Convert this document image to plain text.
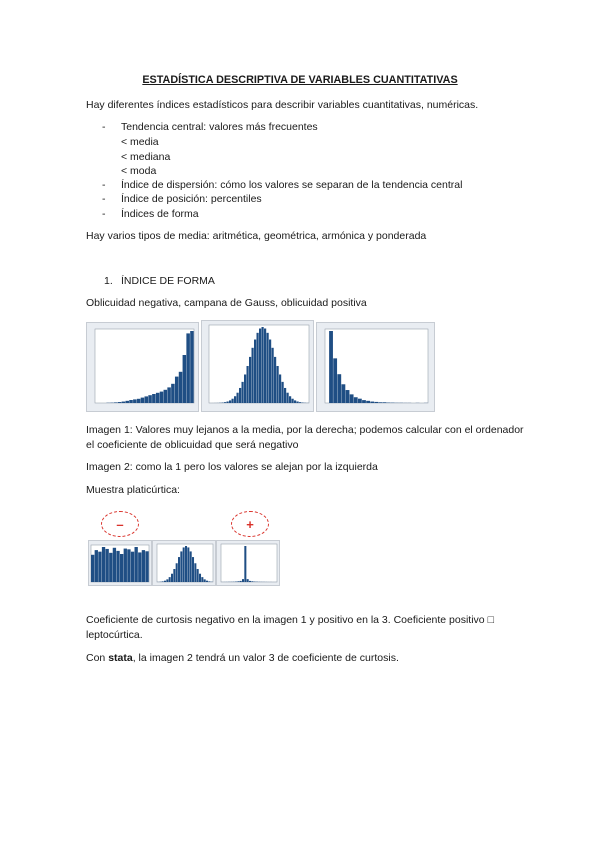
ESTADÍSTICA DESCRIPTIVA DE VARIABLES CUANTITATIVAS
Hay diferentes índices estadísticos para describir variables cuantitativas, numéricas.
- Tendencia central: valores más frecuentes
< media
< mediana
< moda
- Índice de dispersión: cómo los valores se separan de la tendencia central
- Índice de posición: percentiles
- Índices de forma
Hay varios tipos de media: aritmética, geométrica, armónica y ponderada
1. ÍNDICE DE FORMA
Oblicuidad negativa, campana de Gauss, oblicuidad positiva
Imagen 1: Valores muy lejanos a la media, por la derecha; podemos calcular con el ordenador
el coeficiente de oblicuidad que será negativo
Imagen 2: como la 1 pero los valores se alejan por la izquierda
Muestra platicúrtica:
–	+
Coeficiente de curtosis negativo en la imagen 1 y positivo en la 3. Coeficiente positivo □
leptocúrtica.
Con stata, la imagen 2 tendrá un valor 3 de coeficiente de curtosis.
